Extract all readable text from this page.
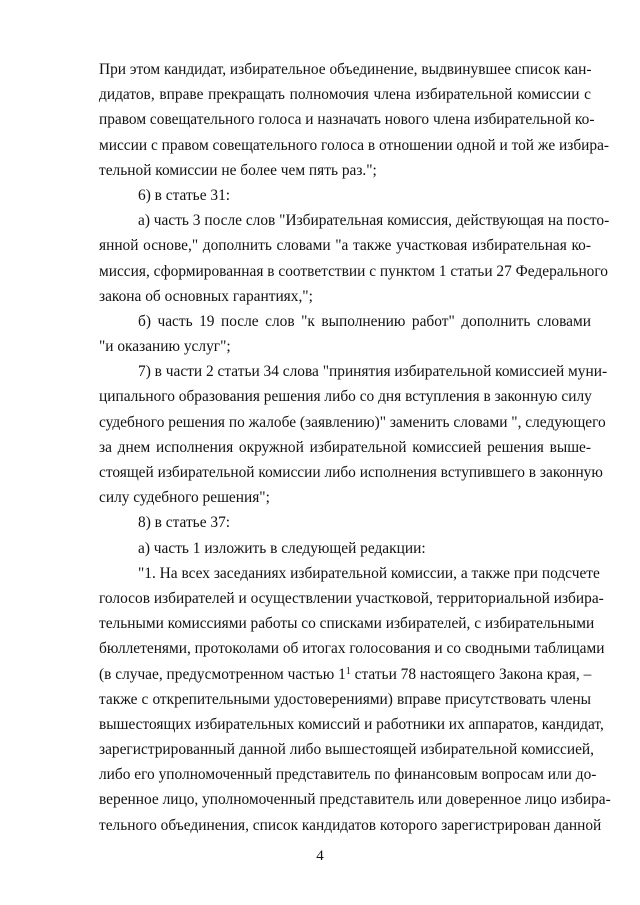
При этом кандидат, избирательное объединение, выдвинувшее список кан-
дидатов, вправе прекращать полномочия члена избирательной комиссии с
правом совещательного голоса и назначать нового члена избирательной ко-
миссии с правом совещательного голоса в отношении одной и той же избира-
тельной комиссии не более чем пять раз.";
6) в статье 31:
а) часть 3 после слов "Избирательная комиссия, действующая на посто-
янной основе," дополнить словами "а также участковая избирательная ко-
миссия, сформированная в соответствии с пунктом 1 статьи 27 Федерального
закона об основных гарантиях,";
б) часть 19 после слов "к выполнению работ" дополнить словами
"и оказанию услуг";
7) в части 2 статьи 34 слова "принятия избирательной комиссией муни-
ципального образования решения либо со дня вступления в законную силу
судебного решения по жалобе (заявлению)" заменить словами ", следующего
за днем исполнения окружной избирательной комиссией решения выше-
стоящей избирательной комиссии либо исполнения вступившего в законную
силу судебного решения";
8) в статье 37:
а) часть 1 изложить в следующей редакции:
"1. На всех заседаниях избирательной комиссии, а также при подсчете
голосов избирателей и осуществлении участковой, территориальной избира-
тельными комиссиями работы со списками избирателей, с избирательными
бюллетенями, протоколами об итогах голосования и со сводными таблицами
(в случае, предусмотренном частью $1^1$ статьи 78 настоящего Закона края, –
также с открепительными удостоверениями) вправе присутствовать члены
вышестоящих избирательных комиссий и работники их аппаратов, кандидат,
зарегистрированный данной либо вышестоящей избирательной комиссией,
либо его уполномоченный представитель по финансовым вопросам или до-
веренное лицо, уполномоченный представитель или доверенное лицо избира-
тельного объединения, список кандидатов которого зарегистрирован данной
4
